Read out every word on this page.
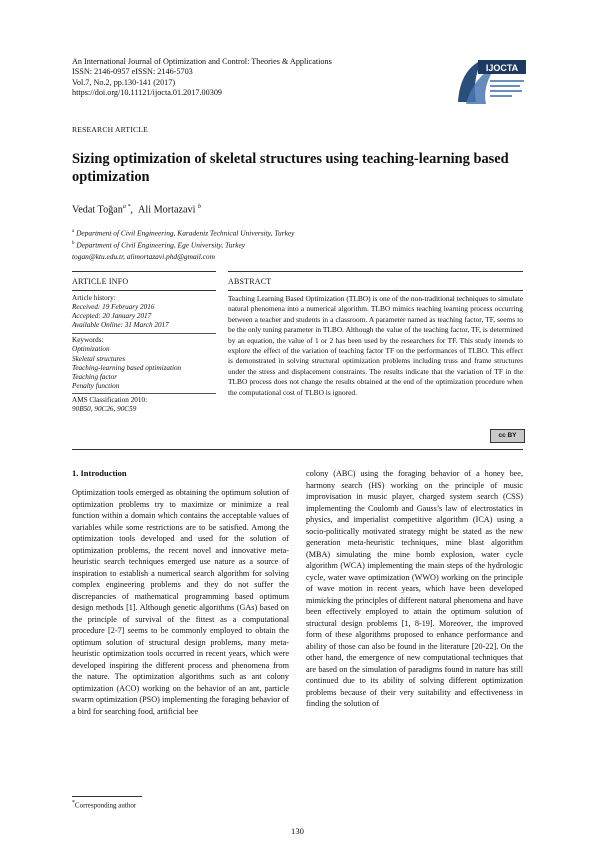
An International Journal of Optimization and Control: Theories & Applications
ISSN: 2146-0957 eISSN: 2146-5703
Vol.7, No.2, pp.130-141 (2017)
https://doi.org/10.11121/ijocta.01.2017.00309
IJOCTA
RESEARCH ARTICLE
Sizing optimization of skeletal structures using teaching-learning based optimization
Vedat Toğan$^{a *}$,  Ali Mortazavi $^b$
$^a$ Department of Civil Engineering, Karadeniz Technical University, Turkey
$^b$ Department of Civil Engineering, Ege University, Turkey
togan@ktu.edu.tr, alimortazavi.phd@gmail.com
ARTICLE INFO	ABSTRACT
Article history:
Received: 19 February 2016
Accepted: 20 January 2017
Available Online: 31 March 2017
Keywords:
Optimization
Skeletal structures
Teaching-learning based optimization
Teaching factor
Penalty function
AMS Classification 2010:
90B50, 90C26, 90C59
Teaching Learning Based Optimization (TLBO) is one of the non-traditional techniques to simulate natural phenomena into a numerical algorithm. TLBO mimics teaching learning process occurring between a teacher and students in a classroom. A parameter named as teaching factor, TF, seems to be the only tuning parameter in TLBO. Although the value of the teaching factor, TF, is determined by an equation, the value of 1 or 2 has been used by the researchers for TF. This study intends to explore the effect of the variation of teaching factor TF on the performances of TLBO. This effect is demonstrated in solving structural optimization problems including truss and frame structures under the stress and displacement constraints. The results indicate that the variation of TF in the TLBO process does not change the results obtained at the end of the optimization procedure when the computational cost of TLBO is ignored.
cc BY
1. Introduction
Optimization tools emerged as obtaining the optimum solution of optimization problems try to maximize or minimize a real function within a domain which contains the acceptable values of variables while some restrictions are to be satisfied. Among the optimization tools developed and used for the solution of optimization problems, the recent novel and innovative meta-heuristic search techniques emerged use nature as a source of inspiration to establish a numerical search algorithm for solving complex engineering problems and they do not suffer the discrepancies of mathematical programming based optimum design methods [1]. Although genetic algorithms (GAs) based on the principle of survival of the fittest as a computational procedure [2-7] seems to be commonly employed to obtain the optimum solution of structural design problems, many meta-heuristic optimization tools occurred in recent years, which were developed inspiring the different process and phenomena from the nature. The optimization algorithms such as ant colony optimization (ACO) working on the behavior of an ant, particle swarm optimization (PSO) implementing the foraging behavior of a bird for searching food, artificial bee
colony (ABC) using the foraging behavior of a honey bee, harmony search (HS) working on the principle of music improvisation in music player, charged system search (CSS) implementing the Coulomb and Gauss’s law of electrostatics in physics, and imperialist competitive algorithm (ICA) using a socio-politically motivated strategy might be stated as the new generation meta-heuristic techniques, mine blast algorithm (MBA) simulating the mine bomb explosion, water cycle algorithm (WCA) implementing the main steps of the hydrologic cycle, water wave optimization (WWO) working on the principle of wave motion in recent years, which have been developed mimicking the principles of different natural phenomena and have been effectively employed to attain the optimum solution of structural design problems [1, 8-19]. Moreover, the improved form of these algorithms proposed to enhance performance and ability of those can also be found in the literature [20-22]. On the other hand, the emergence of new computational techniques that are based on the simulation of paradigms found in nature has still continued due to its ability of solving different optimization problems because of their very suitability and effectiveness in finding the solution of
*Corresponding author
130
